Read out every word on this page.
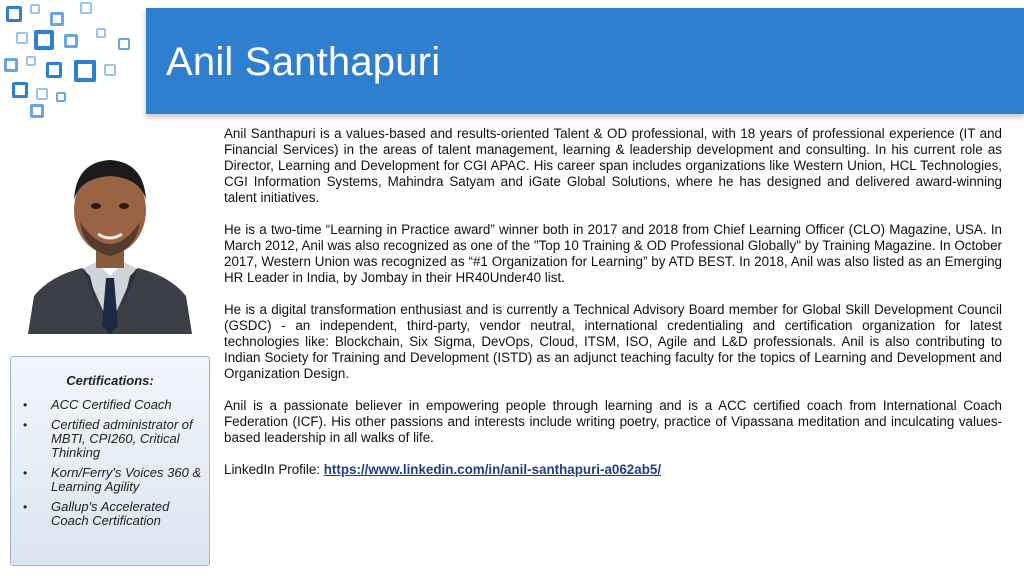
Anil Santhapuri
Certifications:
• ACC Certified Coach
• Certified administrator of MBTI, CPI260, Critical Thinking
• Korn/Ferry's Voices 360 & Learning Agility
• Gallup's Accelerated Coach Certification

Anil Santhapuri is a values-based and results-oriented Talent & OD professional, with 18 years of professional experience (IT and Financial Services) in the areas of talent management, learning & leadership development and consulting. In his current role as Director, Learning and Development for CGI APAC. His career span includes organizations like Western Union, HCL Technologies, CGI Information Systems, Mahindra Satyam and iGate Global Solutions, where he has designed and delivered award-winning talent initiatives.

He is a two-time “Learning in Practice award” winner both in 2017 and 2018 from Chief Learning Officer (CLO) Magazine, USA. In March 2012, Anil was also recognized as one of the "Top 10 Training & OD Professional Globally" by Training Magazine. In October 2017, Western Union was recognized as “#1 Organization for Learning” by ATD BEST. In 2018, Anil was also listed as an Emerging HR Leader in India, by Jombay in their HR40Under40 list.

He is a digital transformation enthusiast and is currently a Technical Advisory Board member for Global Skill Development Council (GSDC) - an independent, third-party, vendor neutral, international credentialing and certification organization for latest technologies like: Blockchain, Six Sigma, DevOps, Cloud, ITSM, ISO, Agile and L&D professionals. Anil is also contributing to Indian Society for Training and Development (ISTD) as an adjunct teaching faculty for the topics of Learning and Development and Organization Design.

Anil is a passionate believer in empowering people through learning and is a ACC certified coach from International Coach Federation (ICF). His other passions and interests include writing poetry, practice of Vipassana meditation and inculcating values-based leadership in all walks of life.

LinkedIn Profile: https://www.linkedin.com/in/anil-santhapuri-a062ab5/
